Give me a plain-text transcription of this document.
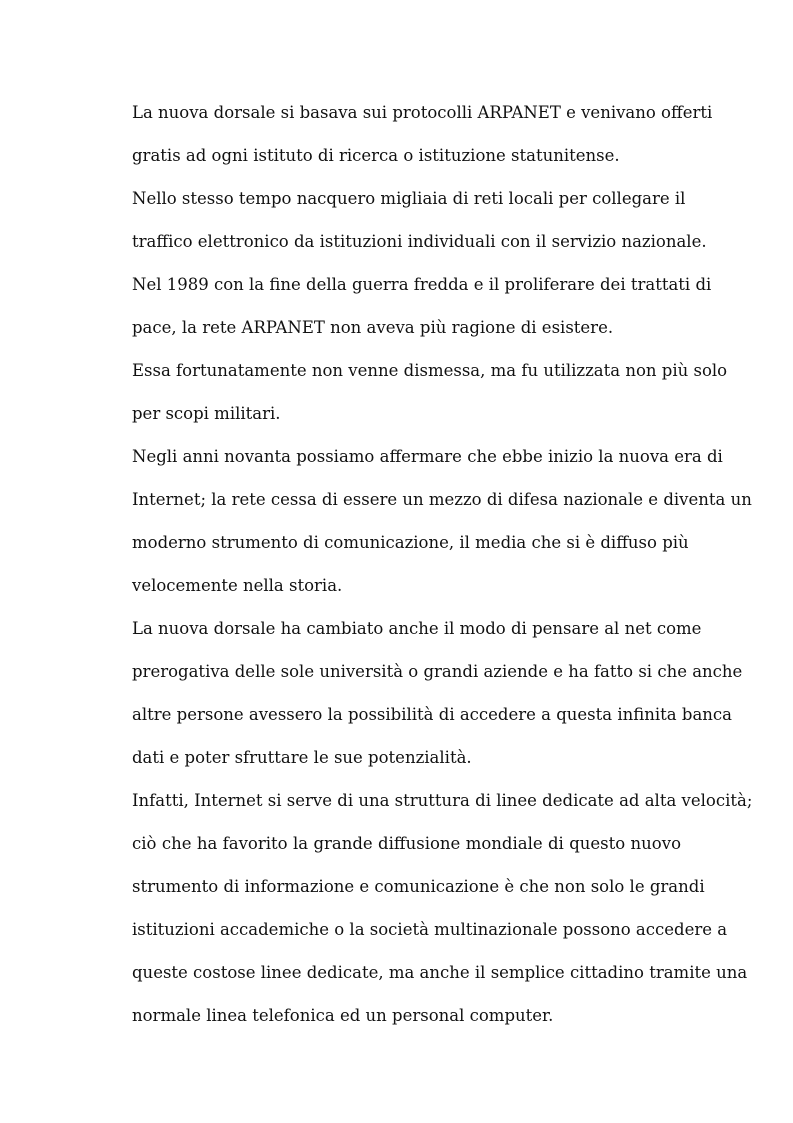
La nuova dorsale si basava sui protocolli ARPANET e venivano offerti
gratis ad ogni istituto di ricerca o istituzione statunitense.
Nello stesso tempo nacquero migliaia di reti locali per collegare il
traffico elettronico da istituzioni individuali con il servizio nazionale.
Nel 1989 con la fine della guerra fredda e il proliferare dei trattati di
pace, la rete ARPANET non aveva più ragione di esistere.
Essa fortunatamente non venne dismessa, ma fu utilizzata non più solo
per scopi militari.
Negli anni novanta possiamo affermare che ebbe inizio la nuova era di
Internet; la rete cessa di essere un mezzo di difesa nazionale e diventa un
moderno strumento di comunicazione, il media che si è diffuso più
velocemente nella storia.
La nuova dorsale ha cambiato anche il modo di pensare al net come
prerogativa delle sole università o grandi aziende e ha fatto si che anche
altre persone avessero la possibilità di accedere a questa infinita banca
dati e poter sfruttare le sue potenzialità.
Infatti, Internet si serve di una struttura di linee dedicate ad alta velocità;
ciò che ha favorito la grande diffusione mondiale di questo nuovo
strumento di informazione e comunicazione è che non solo le grandi
istituzioni accademiche o la società multinazionale possono accedere a
queste costose linee dedicate, ma anche il semplice cittadino tramite una
normale linea telefonica ed un personal computer.
